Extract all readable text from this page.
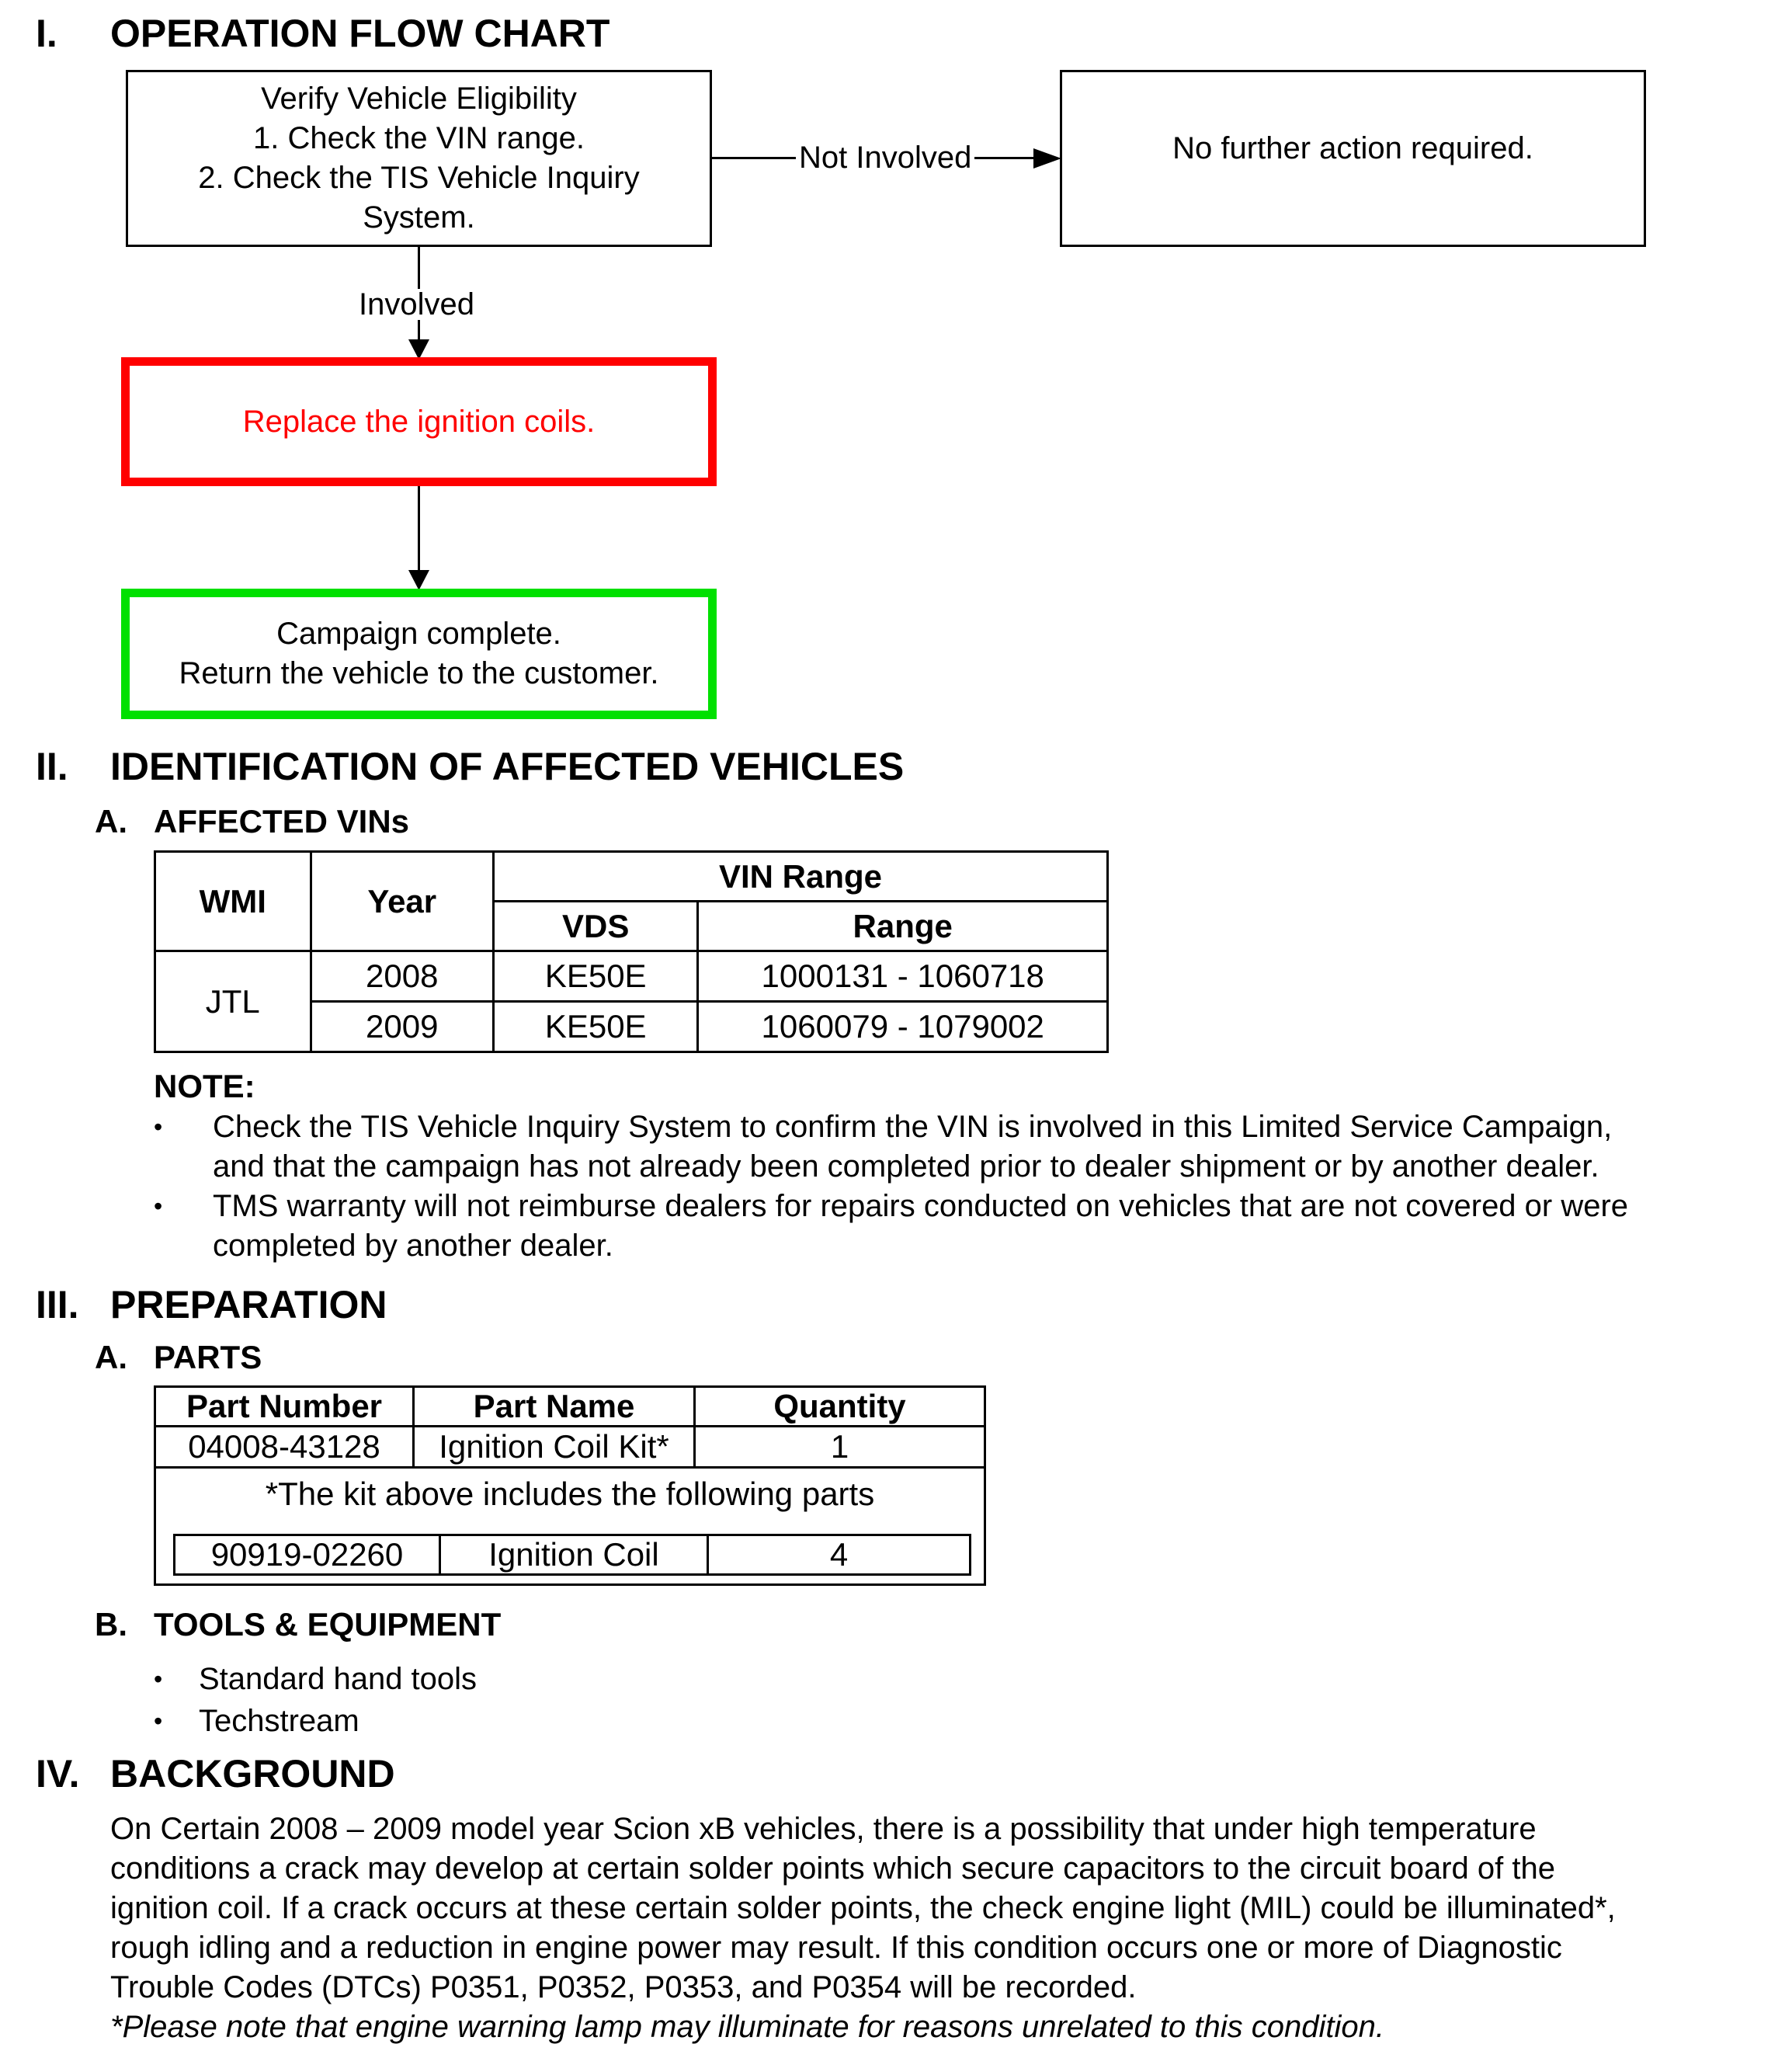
I. OPERATION FLOW CHART
Verify Vehicle Eligibility
1. Check the VIN range.
2. Check the TIS Vehicle Inquiry
System.
Not Involved	No further action required.
Involved
Replace the ignition coils.
Campaign complete.
Return the vehicle to the customer.
II. IDENTIFICATION OF AFFECTED VEHICLES
A. AFFECTED VINs
WMI	Year	VIN Range	
		VDS	Range
JTL	2008	KE50E	1000131 - 1060718
	2009	KE50E	1060079 - 1079002
NOTE:
• Check the TIS Vehicle Inquiry System to confirm the VIN is involved in this Limited Service Campaign,
and that the campaign has not already been completed prior to dealer shipment or by another dealer.
• TMS warranty will not reimburse dealers for repairs conducted on vehicles that are not covered or were
completed by another dealer.
III. PREPARATION
A. PARTS
Part Number	Part Name	Quantity
04008-43128	Ignition Coil Kit*	1
*The kit above includes the following parts
90919-02260	Ignition Coil	4
B. TOOLS & EQUIPMENT
• Standard hand tools
• Techstream
IV. BACKGROUND
On Certain 2008 – 2009 model year Scion xB vehicles, there is a possibility that under high temperature
conditions a crack may develop at certain solder points which secure capacitors to the circuit board of the
ignition coil. If a crack occurs at these certain solder points, the check engine light (MIL) could be illuminated*,
rough idling and a reduction in engine power may result. If this condition occurs one or more of Diagnostic
Trouble Codes (DTCs) P0351, P0352, P0353, and P0354 will be recorded.
*Please note that engine warning lamp may illuminate for reasons unrelated to this condition.
